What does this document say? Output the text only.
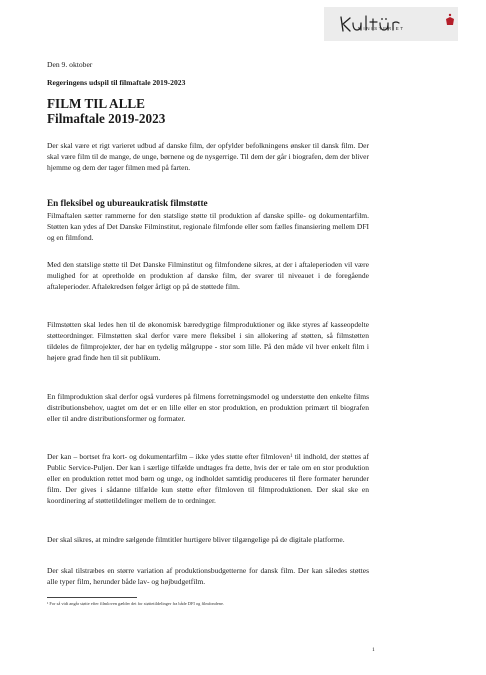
MINISTERIET
Den 9. oktober
Regeringens udspil til filmaftale 2019-2023
FILM TIL ALLE
Filmaftale 2019-2023

Der skal være et rigt varieret udbud af danske film, der opfylder befolkningens ønsker til dansk film. Der skal være film til de mange, de unge, børnene og de nysgerrige. Til dem der går i biografen, dem der bliver hjemme og dem der tager filmen med på farten.

En fleksibel og ubureaukratisk filmstøtte

Filmaftalen sætter rammerne for den statslige støtte til produktion af danske spille- og dokumentarfilm. Støtten kan ydes af Det Danske Filminstitut, regionale filmfonde eller som fælles finansiering mellem DFI og en filmfond.

Med den statslige støtte til Det Danske Filminstitut og filmfondene sikres, at der i aftaleperioden vil være mulighed for at opretholde en produktion af danske film, der svarer til niveauet i de foregående aftaleperioder. Aftalekredsen følger årligt op på de støttede film.

Filmstøtten skal ledes hen til de økonomisk bæredygtige filmproduktioner og ikke styres af kasseopdelte støtteordninger. Filmstøtten skal derfor være mere fleksibel i sin allokering af støtten, så filmstøtten tildeles de filmprojekter, der har en tydelig målgruppe - stor som lille. På den måde vil hver enkelt film i højere grad finde hen til sit publikum.

En filmproduktion skal derfor også vurderes på filmens forretningsmodel og understøtte den enkelte films distributionsbehov, uagtet om det er en lille eller en stor produktion, en produktion primært til biografen eller til andre distributionsformer og formater.

Der kan – bortset fra kort- og dokumentarfilm – ikke ydes støtte efter filmloven$^1$ til indhold, der støttes af Public Service-Puljen. Der kan i særlige tilfælde undtages fra dette, hvis der er tale om en stor produktion eller en produktion rettet mod børn og unge, og indholdet samtidig produceres til flere formater herunder film. Der gives i sådanne tilfælde kun støtte efter filmloven til filmproduktionen. Der skal ske en koordinering af støttetildelinger mellem de to ordninger.

Der skal sikres, at mindre sælgende filmtitler hurtigere bliver tilgængelige på de digitale platforme.

Der skal tilstræbes en større variation af produktionsbudgetterne for dansk film. Der kan således støttes alle typer film, herunder både lav- og højbudgetfilm.

¹ For så vidt angår støtte efter filmloven gælder det for støttetildelinger fra både DFI og filmfondene.
1
